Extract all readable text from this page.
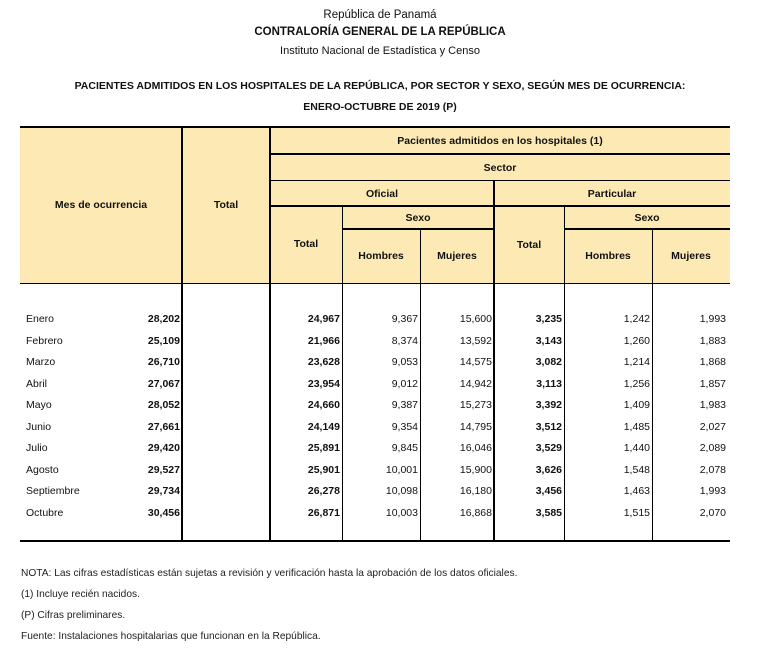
República de Panamá
CONTRALORÍA GENERAL DE LA REPÚBLICA
Instituto Nacional de Estadística y Censo
PACIENTES ADMITIDOS EN LOS HOSPITALES DE LA REPÚBLICA, POR SECTOR Y SEXO, SEGÚN MES DE OCURRENCIA:
ENERO-OCTUBRE DE 2019 (P)
Mes de ocurrencia	Total
Pacientes admitidos en los hospitales (1)
Sector
Oficial	Particular
Total
Sexo
Hombres	Mujeres
Total
Sexo
Hombres	Mujeres
Enero	28,202	24,967	9,367	15,600	3,235	1,242	1,993
Febrero	25,109	21,966	8,374	13,592	3,143	1,260	1,883
Marzo	26,710	23,628	9,053	14,575	3,082	1,214	1,868
Abril	27,067	23,954	9,012	14,942	3,113	1,256	1,857
Mayo	28,052	24,660	9,387	15,273	3,392	1,409	1,983
Junio	27,661	24,149	9,354	14,795	3,512	1,485	2,027
Julio	29,420	25,891	9,845	16,046	3,529	1,440	2,089
Agosto	29,527	25,901	10,001	15,900	3,626	1,548	2,078
Septiembre	29,734	26,278	10,098	16,180	3,456	1,463	1,993
Octubre	30,456	26,871	10,003	16,868	3,585	1,515	2,070
NOTA: Las cifras estadísticas están sujetas a revisión y verificación hasta la aprobación de los datos oficiales.
(1) Incluye recién nacidos.
(P) Cifras preliminares.
Fuente: Instalaciones hospitalarias que funcionan en la República.
